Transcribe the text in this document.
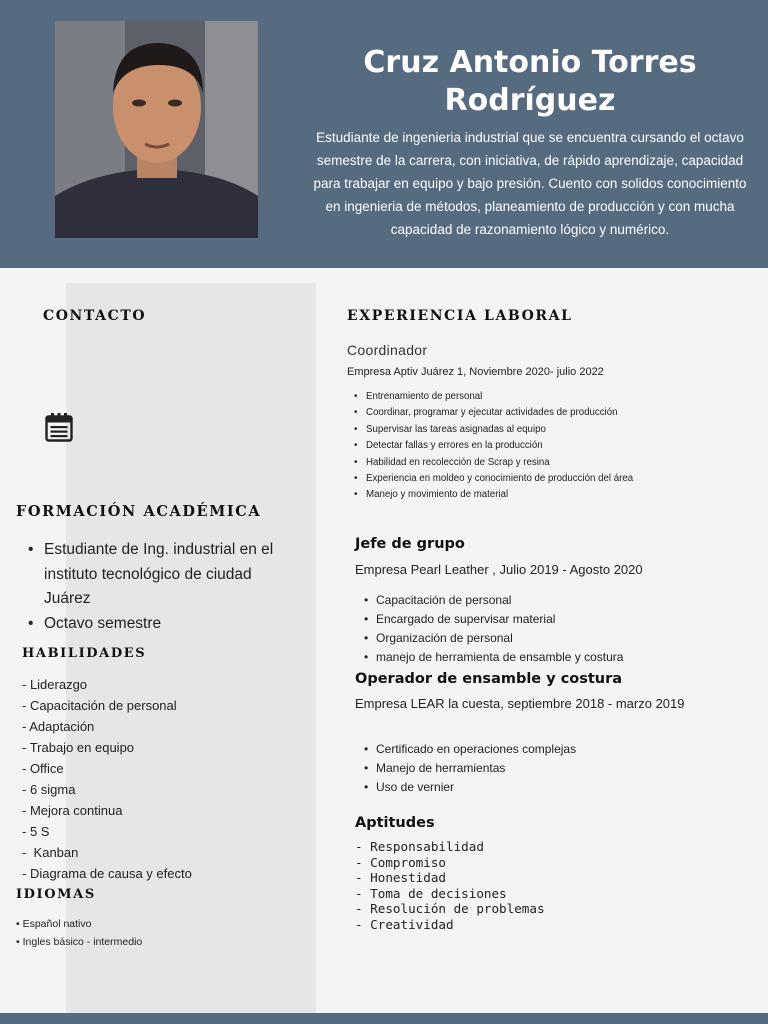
Cruz Antonio Torres
Rodríguez

Estudiante de ingenieria industrial que se encuentra cursando el octavo semestre de la carrera, con iniciativa, de rápido aprendizaje, capacidad para trabajar en equipo y bajo presión. Cuento con solidos conocimiento en ingenieria de métodos, planeamiento de producción y con mucha capacidad de razonamiento lógico y numérico.

CONTACTO
FORMACIÓN ACADÉMICA
• Estudiante de Ing. industrial en el instituto tecnológico de ciudad Juárez
• Octavo semestre
HABILIDADES
- Liderazgo
- Capacitación de personal
- Adaptación
- Trabajo en equipo
- Office
- 6 sigma
- Mejora continua
- 5 S
-  Kanban
- Diagrama de causa y efecto
IDIOMAS
• Español nativo
• Ingles básico - intermedio
EXPERIENCIA LABORAL
Coordinador
Empresa Aptiv Juárez 1, Noviembre 2020- julio 2022
• Entrenamiento de personal
• Coordinar, programar y ejecutar actividades de producción
• Supervisar las tareas asignadas al equipo
• Detectar fallas y errores en la producción
• Habilidad en recolección de Scrap y resina
• Experiencia en moldeo y conocimiento de producción del área
• Manejo y movimiento de material
Jefe de grupo
Empresa Pearl Leather , Julio 2019 - Agosto 2020
• Capacitación de personal
• Encargado de supervisar material
• Organización de personal
• manejo de herramienta de ensamble y costura
Operador de ensamble y costura
Empresa LEAR la cuesta, septiembre 2018 - marzo 2019
• Certificado en operaciones complejas
• Manejo de herramientas
• Uso de vernier
Aptitudes
- Responsabilidad
- Compromiso
- Honestidad
- Toma de decisiones
- Resolución de problemas
- Creatividad
